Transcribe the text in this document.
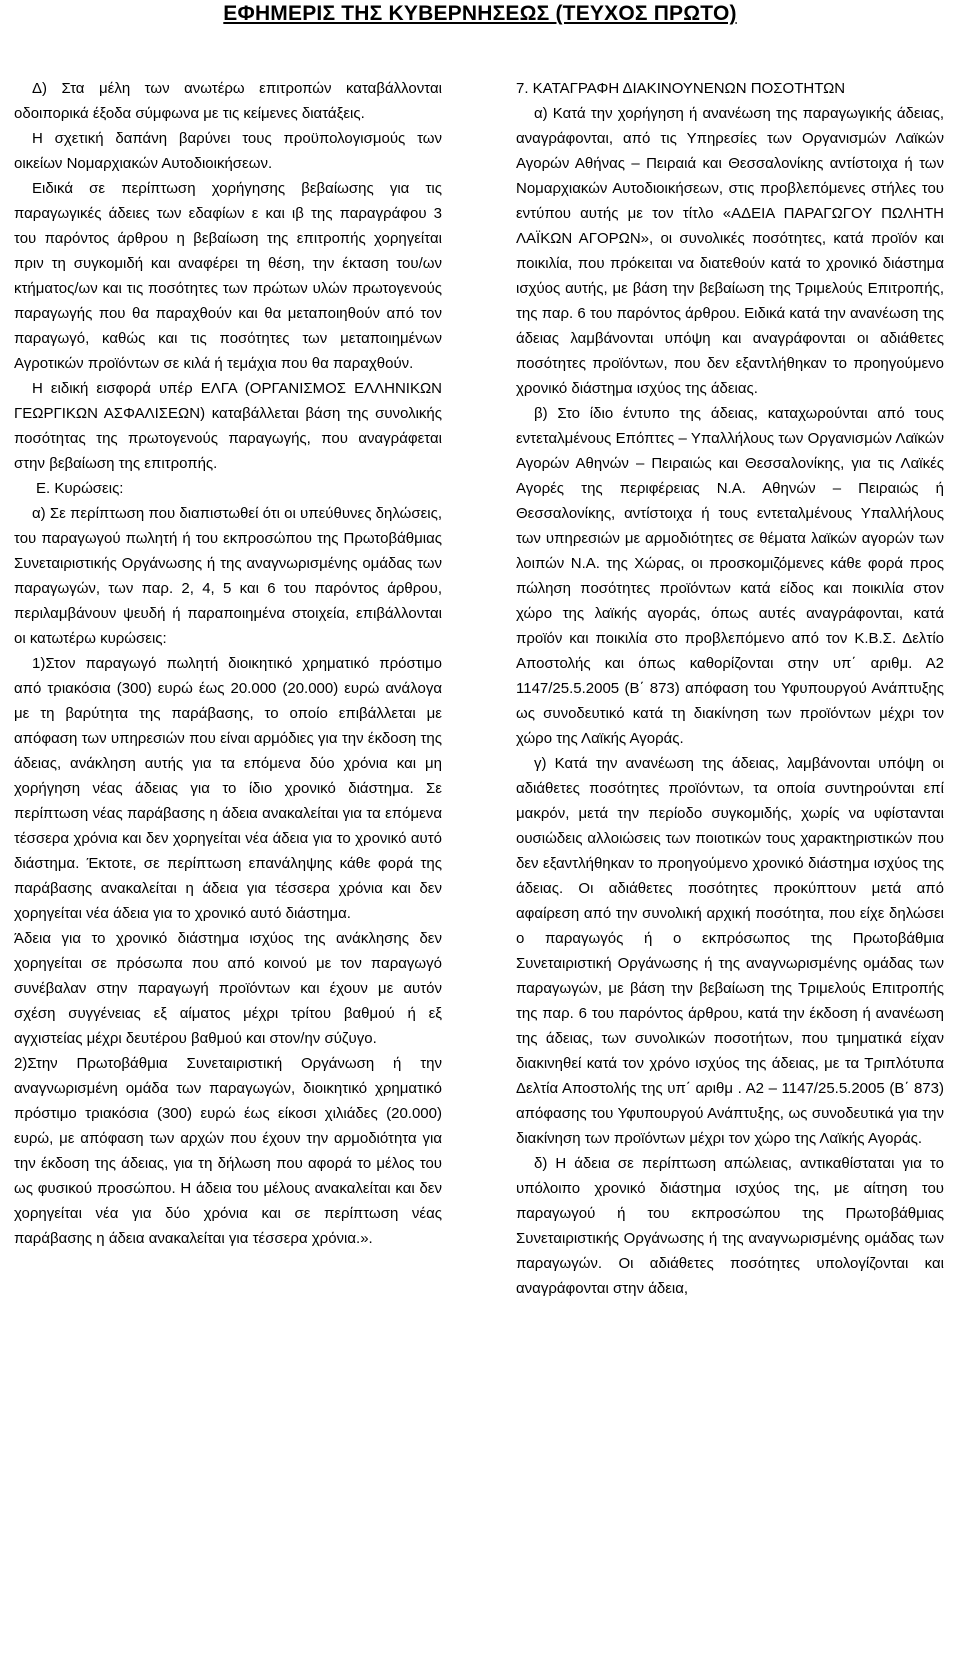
ΕΦΗΜΕΡΙΣ ΤΗΣ ΚΥΒΕΡΝΗΣΕΩΣ (ΤΕΥΧΟΣ ΠΡΩΤΟ)

Δ) Στα μέλη των ανωτέρω επιτροπών καταβάλλονται οδοιπορικά έξοδα σύμφωνα με τις κείμενες διατάξεις.

Η σχετική δαπάνη βαρύνει τους προϋπολογισμούς των οικείων Νομαρχιακών Αυτοδιοικήσεων.

Ειδικά σε περίπτωση χορήγησης βεβαίωσης για τις παραγωγικές άδειες των εδαφίων ε και ιβ της παραγράφου 3 του παρόντος άρθρου η βεβαίωση της επιτροπής χορηγείται πριν τη συγκομιδή και αναφέρει τη θέση, την έκταση του/ων κτήματος/ων και τις ποσότητες των πρώτων υλών πρωτογενούς παραγωγής που θα παραχθούν και θα μεταποιηθούν από τον παραγωγό, καθώς και τις ποσότητες των μεταποιημένων Αγροτικών προϊόντων σε κιλά ή τεμάχια που θα παραχθούν.

Η ειδική εισφορά υπέρ ΕΛΓΑ (ΟΡΓΑΝΙΣΜΟΣ ΕΛΛΗΝΙΚΩΝ ΓΕΩΡΓΙΚΩΝ ΑΣΦΑΛΙΣΕΩΝ) καταβάλλεται βάση της συνολικής ποσότητας της πρωτογενούς παραγωγής, που αναγράφεται στην βεβαίωση της επιτροπής.

Ε. Κυρώσεις:

α) Σε περίπτωση που διαπιστωθεί ότι οι υπεύθυνες δηλώσεις, του παραγωγού πωλητή ή του εκπροσώπου της Πρωτοβάθμιας Συνεταιριστικής Οργάνωσης ή της αναγνωρισμένης ομάδας των παραγωγών, των παρ. 2, 4, 5 και 6 του παρόντος άρθρου, περιλαμβάνουν ψευδή ή παραποιημένα στοιχεία, επιβάλλονται οι κατωτέρω κυρώσεις:

1)Στον παραγωγό πωλητή διοικητικό χρηματικό πρόστιμο από τριακόσια (300) ευρώ έως 20.000 (20.000) ευρώ ανάλογα με τη βαρύτητα της παράβασης, το οποίο επιβάλλεται με απόφαση των υπηρεσιών που είναι αρμόδιες για την έκδοση της άδειας, ανάκληση αυτής για τα επόμενα δύο χρόνια και μη χορήγηση νέας άδειας για το ίδιο χρονικό διάστημα. Σε περίπτωση νέας παράβασης η άδεια ανακαλείται για τα επόμενα τέσσερα χρόνια και δεν χορηγείται νέα άδεια για το χρονικό αυτό διάστημα. Έκτοτε, σε περίπτωση επανάληψης κάθε φορά της παράβασης ανακαλείται η άδεια για τέσσερα χρόνια και δεν χορηγείται νέα άδεια για το χρονικό αυτό διάστημα.

Άδεια για το χρονικό διάστημα ισχύος της ανάκλησης δεν χορηγείται σε πρόσωπα που από κοινού με τον παραγωγό συνέβαλαν στην παραγωγή προϊόντων και έχουν με αυτόν σχέση συγγένειας εξ αίματος μέχρι τρίτου βαθμού ή εξ αγχιστείας μέχρι δευτέρου βαθμού και στον/ην σύζυγο.

2)Στην Πρωτοβάθμια Συνεταιριστική Οργάνωση ή την αναγνωρισμένη ομάδα των παραγωγών, διοικητικό χρηματικό πρόστιμο τριακόσια (300) ευρώ έως είκοσι χιλιάδες (20.000) ευρώ, με απόφαση των αρχών που έχουν την αρμοδιότητα για την έκδοση της άδειας, για τη δήλωση που αφορά το μέλος του ως φυσικού προσώπου. Η άδεια του μέλους ανακαλείται και δεν χορηγείται νέα για δύο χρόνια και σε περίπτωση νέας παράβασης η άδεια ανακαλείται για τέσσερα χρόνια.».

7. ΚΑΤΑΓΡΑΦΗ ΔΙΑΚΙΝΟΥΝΕΝΩΝ ΠΟΣΟΤΗΤΩΝ

α) Κατά την χορήγηση ή ανανέωση της παραγωγικής άδειας, αναγράφονται, από τις Υπηρεσίες των Οργανισμών Λαϊκών Αγορών Αθήνας – Πειραιά και Θεσσαλονίκης αντίστοιχα ή των Νομαρχιακών Αυτοδιοικήσεων, στις προβλεπόμενες στήλες του εντύπου αυτής με τον τίτλο «ΑΔΕΙΑ ΠΑΡΑΓΩΓΟΥ ΠΩΛΗΤΗ ΛΑΪΚΩΝ ΑΓΟΡΩΝ», οι συνολικές ποσότητες, κατά προϊόν και ποικιλία, που πρόκειται να διατεθούν κατά το χρονικό διάστημα ισχύος αυτής, με βάση την βεβαίωση της Τριμελούς Επιτροπής, της παρ. 6 του παρόντος άρθρου. Ειδικά κατά την ανανέωση της άδειας λαμβάνονται υπόψη και αναγράφονται οι αδιάθετες ποσότητες προϊόντων, που δεν εξαντλήθηκαν το προηγούμενο χρονικό διάστημα ισχύος της άδειας.

β) Στο ίδιο έντυπο της άδειας, καταχωρούνται από τους εντεταλμένους Επόπτες – Υπαλλήλους των Οργανισμών Λαϊκών Αγορών Αθηνών – Πειραιώς και Θεσσαλονίκης, για τις Λαϊκές Αγορές της περιφέρειας Ν.Α. Αθηνών – Πειραιώς ή Θεσσαλονίκης, αντίστοιχα ή τους εντεταλμένους Υπαλλήλους των υπηρεσιών με αρμοδιότητες σε θέματα λαϊκών αγορών των λοιπών Ν.Α. της Χώρας, οι προσκομιζόμενες κάθε φορά προς πώληση ποσότητες προϊόντων κατά είδος και ποικιλία στον χώρο της λαϊκής αγοράς, όπως αυτές αναγράφονται, κατά προϊόν και ποικιλία στο προβλεπόμενο από τον Κ.Β.Σ. Δελτίο Αποστολής και όπως καθορίζονται στην υπ΄ αριθμ. Α2 1147/25.5.2005 (Β΄ 873) απόφαση του Υφυπουργού Ανάπτυξης ως συνοδευτικό κατά τη διακίνηση των προϊόντων μέχρι τον χώρο της Λαϊκής Αγοράς.

γ) Κατά την ανανέωση της άδειας, λαμβάνονται υπόψη οι αδιάθετες ποσότητες προϊόντων, τα οποία συντηρούνται επί μακρόν, μετά την περίοδο συγκομιδής, χωρίς να υφίστανται ουσιώδεις αλλοιώσεις των ποιοτικών τους χαρακτηριστικών που δεν εξαντλήθηκαν το προηγούμενο χρονικό διάστημα ισχύος της άδειας. Οι αδιάθετες ποσότητες προκύπτουν μετά από αφαίρεση από την συνολική αρχική ποσότητα, που είχε δηλώσει ο παραγωγός ή ο εκπρόσωπος της Πρωτοβάθμια Συνεταιριστική Οργάνωσης ή της αναγνωρισμένης ομάδας των παραγωγών, με βάση την βεβαίωση της Τριμελούς Επιτροπής της παρ. 6 του παρόντος άρθρου, κατά την έκδοση ή ανανέωση της άδειας, των συνολικών ποσοτήτων, που τμηματικά είχαν διακινηθεί κατά τον χρόνο ισχύος της άδειας, με τα Τριπλότυπα Δελτία Αποστολής της υπ΄ αριθμ . Α2 – 1147/25.5.2005 (Β΄ 873) απόφασης του Υφυπουργού Ανάπτυξης, ως συνοδευτικά για την διακίνηση των προϊόντων μέχρι τον χώρο της Λαϊκής Αγοράς.

δ) Η άδεια σε περίπτωση απώλειας, αντικαθίσταται για το υπόλοιπο χρονικό διάστημα ισχύος της, με αίτηση του παραγωγού ή του εκπροσώπου της Πρωτοβάθμιας Συνεταιριστικής Οργάνωσης ή της αναγνωρισμένης ομάδας των παραγωγών. Οι αδιάθετες ποσότητες υπολογίζονται και αναγράφονται στην άδεια,
